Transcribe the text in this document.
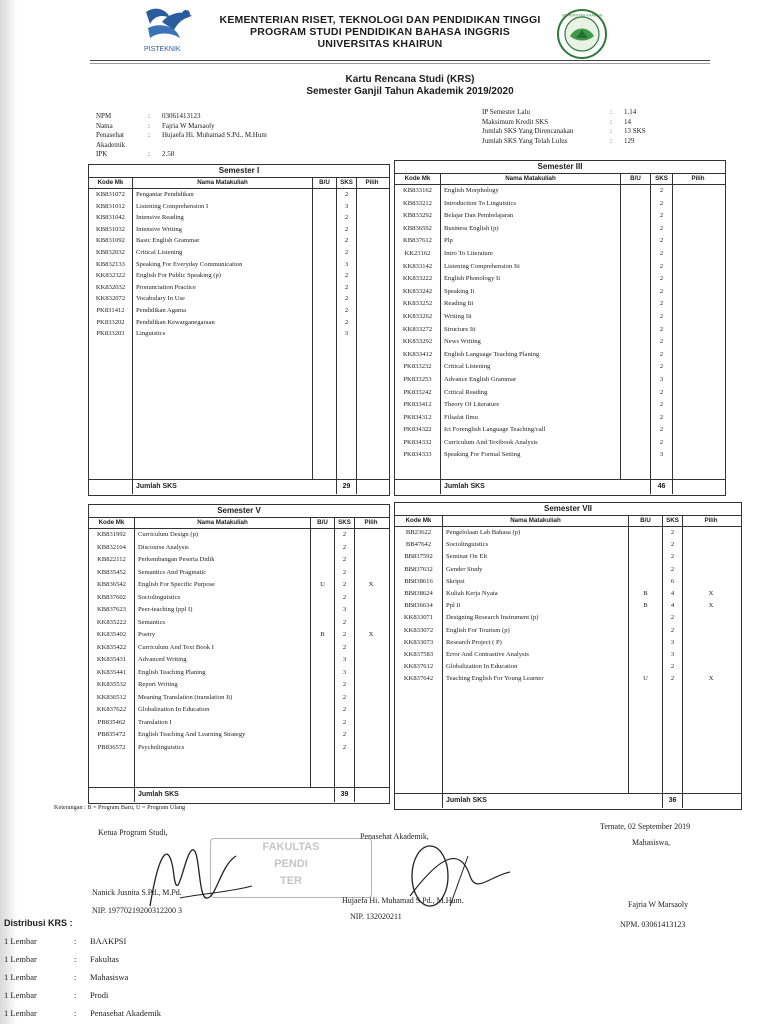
PISTEKNIK
KEMENTERIAN RISET, TEKNOLOGI DAN PENDIDIKAN TINGGI
PROGRAM STUDI PENDIDIKAN BAHASA INGGRIS
UNIVERSITAS KHAIRUN
UNIVERSITAS KHAIRUN
Kartu Rencana Studi (KRS)
Semester Ganjil Tahun Akademik 2019/2020
NPM	:	03061413123
Nama	:	Fajria W Marsaoly
Penasehat Akademik
:	Hujaefa Hi. Muhamad S.Pd., M.Hum
IPK	:	2.58
IP Semester Lalu	:	1.14
Maksimum Kredit SKS	:	14
Jumlah SKS Yang Direncanakan	:	13 SKS
Jumlah SKS Yang Telah Lulus	:	129
Semester I
Kode Mk	Nama Matakuliah	B/U	SKS	Pilih
KB831072	Pengantar Pendidikan	2
KB831012	Listening Comprehension I	3
KB831042	Intensive Reading	2
KB831032	Intensive Writing	2
KB831092	Basic English Grammar	2
KB832032	Critical Listening	2
KB832133	Speaking For Everyday Communication	3
KK832322	English For Public Speaking (p)	2
KK832032	Pronunciation Practice	2
KK832072	Vocabulary In Use	2
PK831412	Pendidikan Agama	2
PK833202	Pendidikan Kewarganegaraan	2
PK833203	Linguistics	3
Jumlah SKS	29
Semester III
Kode Mk	Nama Matakuliah	B/U	SKS	Pilih
KB833162	English Morphology	2
KB833212	Introduction To Linguistics	2
KB833292	Belajar Dan Pembelajaran	2
KB836592	Business English (p)	2
KB837612	Plp	2
KK23162	Intro To Literature	2
KK833142	Listening Comprehension Iii	2
KK833222	English Phonology Ii	2
KK833242	Speaking Ii	2
KK833252	Reading Iii	2
KK833262	Writing Iii	2
KK833272	Structure Iii	2
KK833292	News Writing	2
KK833412	English Language Teaching Planing	2
PK833232	Critical Listening	2
PK833253	Advance English Grammar	3
PK833242	Critical Reading	2
PK833412	Theory Of Literature	2
PK834312	Filsafat Ilmu	2
PK834322	Ict Forenglish Language Teaching/call	2
PK834332	Curriculum And Textbook Analysis	2
PK834333	Speaking For Formal Setting	3
Jumlah SKS	46
Semester V
Kode Mk	Nama Matakuliah	B/U	SKS	Pilih
KB831992	Curriculum Design (p)	2
KB832104	Discourse Analysis	2
KB822112	Perkembangan Peserta Didik	2
KB835452	Semantics And Pragmatic	2
KB836542	English For Specific Purpose	U	2	X
KB837602	Sociolinguistics	2
KB837623	Peer-teaching (ppl I)	3
KK835222	Semantics	2
KK835402	Poetry	B	2	X
KK835422	Curriculum And Text Book I	2
KK835431	Advanced Writing	3
KK835441	English Teaching Planing	3
KK835532	Report Writing	2
KK836512	Meaning Translation (translation Ii)	2
KK837622	Globalization In Education	2
PB835462	Translation I	2
PB835472	English Teaching And Learning Strategy	2
PB836572	Psycholinguistics	2
Jumlah SKS	39
Semester VII
Kode Mk	Nama Matakuliah	B/U	SKS	Pilih
BB23622	Pengelolaan Lab Bahasa (p)	2
BB47642	Sociolinguistics	2
BB837592	Seminar On Elt	2
BB837632	Gender Study	2
BB838616	Skripsi	6
BB838624	Kuliah Kerja Nyata	B	4	X
BB836634	Ppl Ii	B	4	X
KK833071	Designing Research Instrument (p)	2
KK833072	English For Tourism (p)	2
KK833073	Research Project ( P)	3
KK837583	Error And Contrastive Analysis	3
KK837612	Globalization In Education	2
KK837642	Teaching English For Young Learner	U	2	X
Jumlah SKS	36
Keterangan : B = Program Baru, U = Program Ulang
Ketua Program Studi,	Penasehat Akademik,
Ternate, 02 September 2019
Mahasiswa,
FAKULTAS
PENDI
TER
Nanick Jusnita S.Pd., M.Pd.
NIP. 19770219200312200 3
Hujaefa Hi. Muhamad S.Pd., M.Hum.
NIP. 132020211
Fajria W Marsaoly
NPM. 03061413123
Distribusi KRS :
1 Lembar	:	BAAKPSI
1 Lembar	:	Fakultas
1 Lembar	:	Mahasiswa
1 Lembar	:	Prodi
1 Lembar	:	Penasehat Akademik
